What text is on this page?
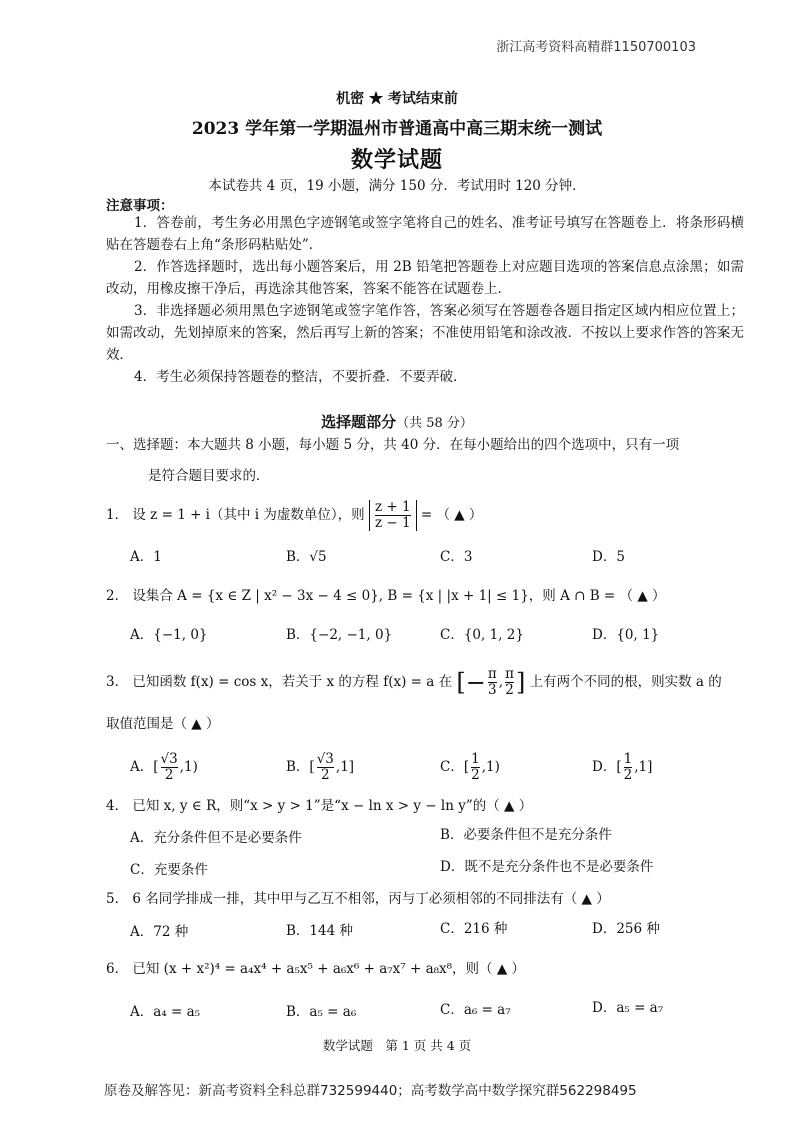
浙江高考资料高精群1150700103
机密 ★ 考试结束前
2023 学年第一学期温州市普通高中高三期末统一测试
数学试题
本试卷共 4 页，19 小题，满分 150 分．考试用时 120 分钟．
注意事项：
1．答卷前，考生务必用黑色字迹钢笔或签字笔将自己的姓名、准考证号填写在答题卷上．将条形码横贴在答题卷右上角“条形码粘贴处”．
2．作答选择题时，选出每小题答案后，用 2B 铅笔把答题卷上对应题目选项的答案信息点涂黑；如需改动，用橡皮擦干净后，再选涂其他答案，答案不能答在试题卷上．
3．非选择题必须用黑色字迹钢笔或签字笔作答，答案必须写在答题卷各题目指定区域内相应位置上；如需改动，先划掉原来的答案，然后再写上新的答案；不准使用铅笔和涂改液．不按以上要求作答的答案无效．
4．考生必须保持答题卷的整洁，不要折叠．不要弄破．
选择题部分（共 58 分）
一、选择题：本大题共 8 小题，每小题 5 分，共 40 分．在每小题给出的四个选项中，只有一项
是符合题目要求的．
1． 设 z = 1 + i（其中 i 为虚数单位），则 $\frac{z + 1}{z - 1}$ = （ ▲ ）
A．1	B．√5	C．3	D．5
2． 设集合 A = {x ∈ Z | x² − 3x − 4 ≤ 0}, B = {x | |x + 1| ≤ 1}，则 A ∩ B = （ ▲ ）
A．{−1, 0}	B．{−2, −1, 0}	C．{0, 1, 2}	D．{0, 1}
3． 已知函数 f(x) = cos x，若关于 x 的方程 f(x) = a 在 [− $\frac{\pi}{3}$ , $\frac{\pi}{2}$ ] 上有两个不同的根，则实数 a 的
取值范围是（ ▲ ）
A．[ $\frac{√3}{2} ,1$)	B．[ $\frac{√3}{2} ,1$]	C．[ $\frac{1}{2} ,1$)	D．[ $\frac{1}{2} ,1$]
4． 已知 x, y ∈ R，则“x > y > 1”是“x − ln x > y − ln y”的（ ▲ ）
A．充分条件但不是必要条件	B．必要条件但不是充分条件
C．充要条件	D．既不是充分条件也不是必要条件
5． 6 名同学排成一排，其中甲与乙互不相邻，丙与丁必须相邻的不同排法有（ ▲ ）
A．72 种	B．144 种	C．216 种	D．256 种
6． 已知 (x + x²)⁴ = a₄x⁴ + a₅x⁵ + a₆x⁶ + a₇x⁷ + a₈x⁸，则（ ▲ ）
A．a₄ = a₅	B．a₅ = a₆	C．a₆ = a₇	D．a₅ = a₇
数学试题　第 1 页 共 4 页
原卷及解答见：新高考资料全科总群732599440；高考数学高中数学探究群562298495
